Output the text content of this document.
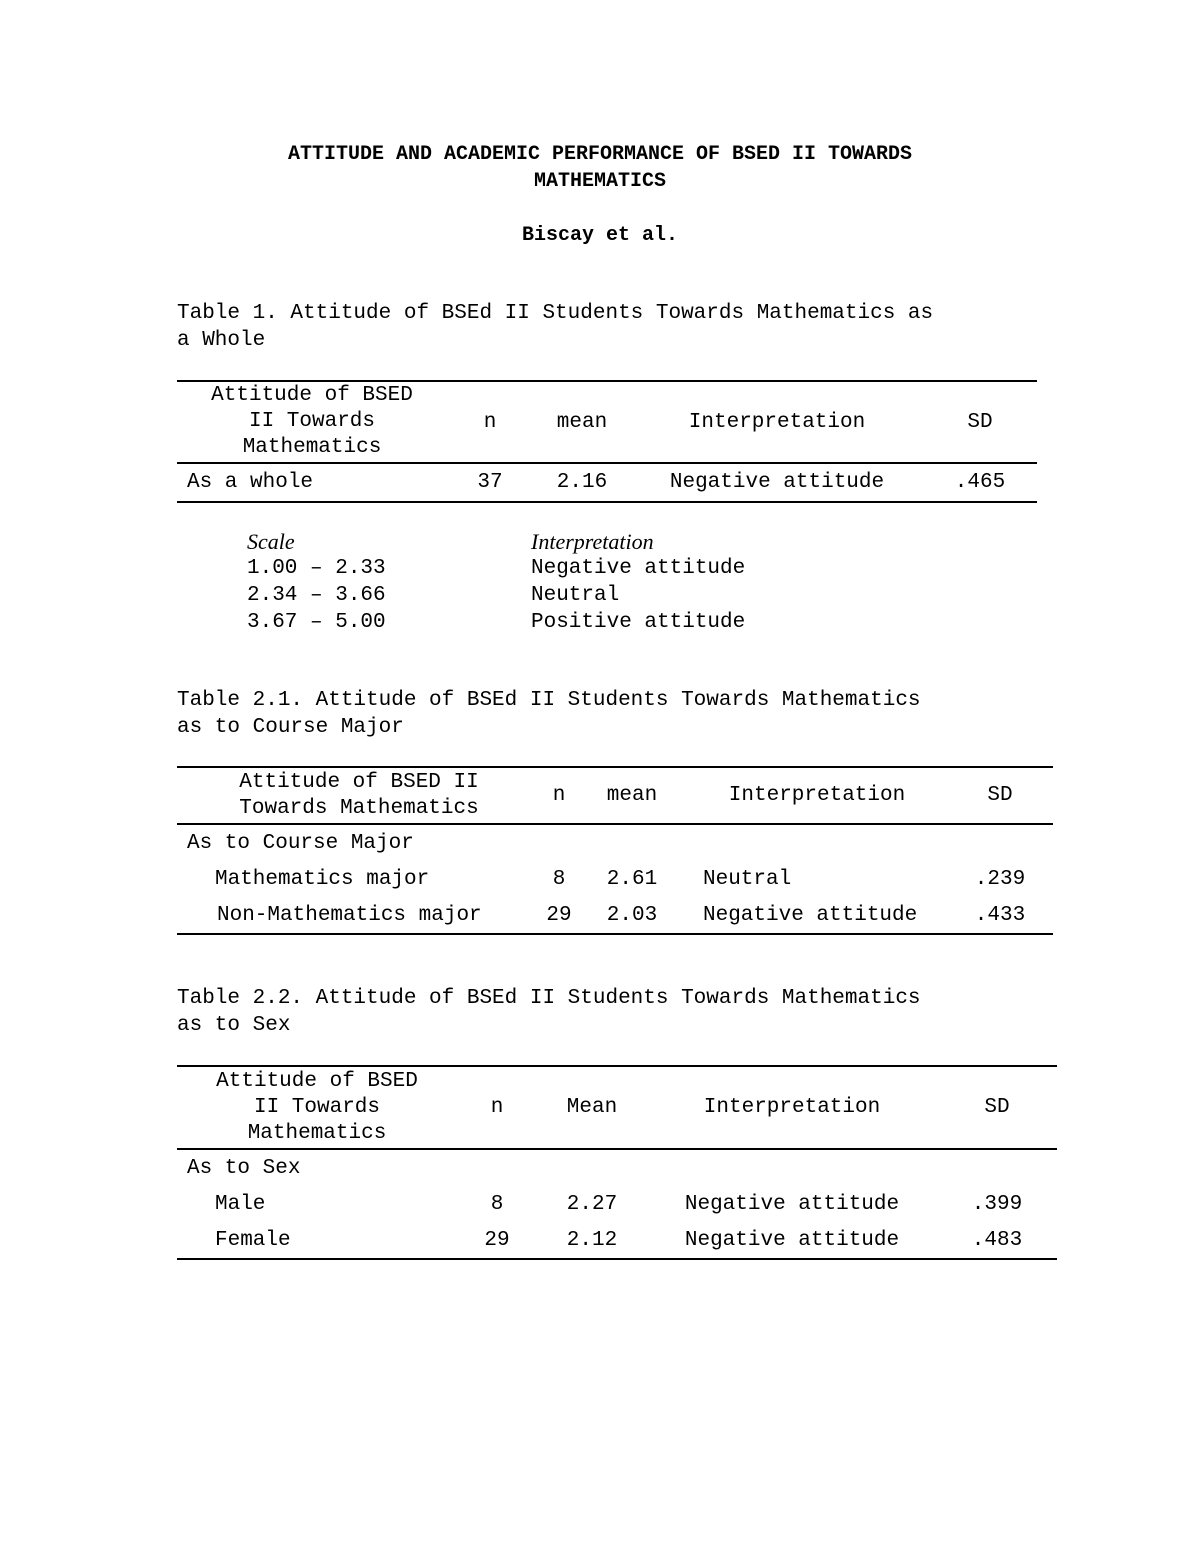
ATTITUDE AND ACADEMIC PERFORMANCE OF BSED II TOWARDS
MATHEMATICS
Biscay et al.
Table 1. Attitude of BSEd II Students Towards Mathematics as
a Whole
Attitude of BSED
II Towards
Mathematics	n	mean	Interpretation	SD
As a whole	37	2.16	Negative attitude	.465
Scale	Interpretation
1.00 – 2.33	Negative attitude
2.34 – 3.66	Neutral
3.67 – 5.00	Positive attitude
Table 2.1. Attitude of BSEd II Students Towards Mathematics
as to Course Major
Attitude of BSED II
Towards Mathematics	n	mean	Interpretation	SD
As to Course Major				
Mathematics major	8	2.61	Neutral	.239
Non-Mathematics major	29	2.03	Negative attitude	.433
Table 2.2. Attitude of BSEd II Students Towards Mathematics
as to Sex
Attitude of BSED
II Towards
Mathematics	n	Mean	Interpretation	SD
As to Sex				
Male	8	2.27	Negative attitude	.399
Female	29	2.12	Negative attitude	.483
